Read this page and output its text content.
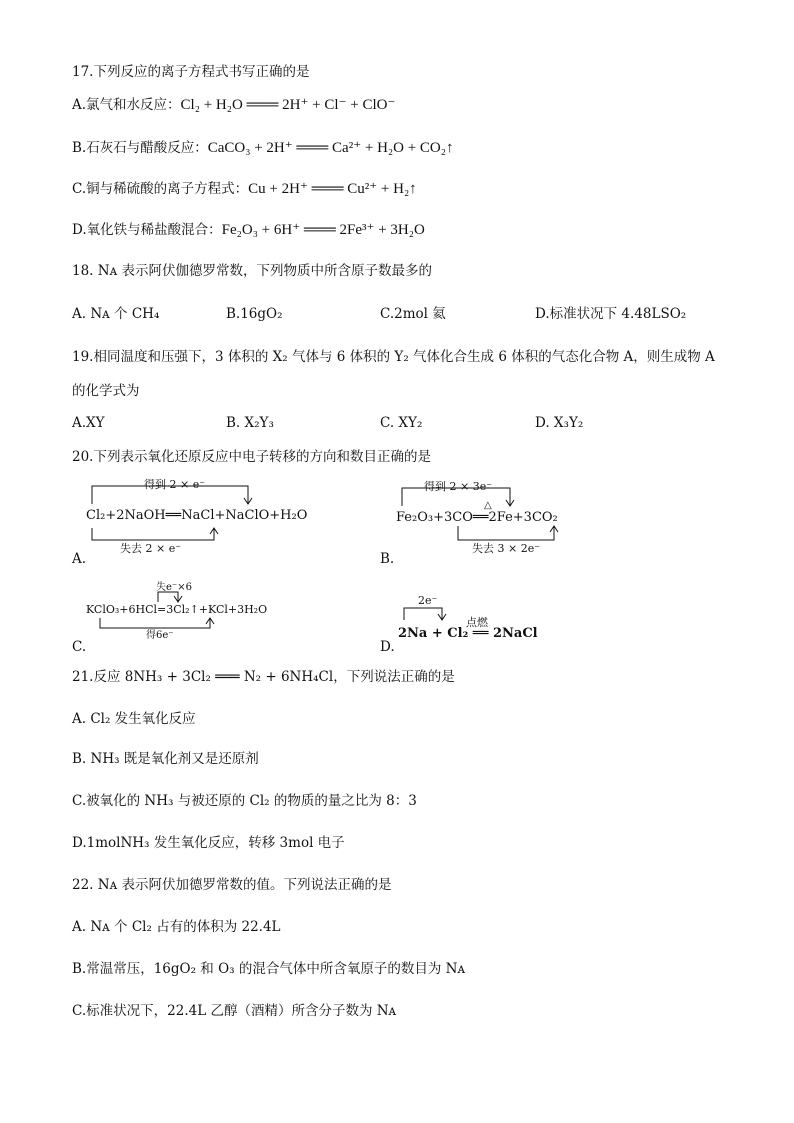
17.下列反应的离子方程式书写正确的是
A.氯气和水反应：Cl₂ + H₂O ═══ 2H⁺ + Cl⁻ + ClO⁻
B.石灰石与醋酸反应：CaCO₃ + 2H⁺ ═══ Ca²⁺ + H₂O + CO₂↑
C.铜与稀硫酸的离子方程式：Cu + 2H⁺ ═══ Cu²⁺ + H₂↑
D.氧化铁与稀盐酸混合：Fe₂O₃ + 6H⁺ ═══ 2Fe³⁺ + 3H₂O
18. Nᴀ 表示阿伏伽德罗常数，下列物质中所含原子数最多的
A. Nᴀ 个 CH₄	B.16gO₂	C.2mol 氦	D.标准状况下 4.48LSO₂
19.相同温度和压强下，3 体积的 X₂ 气体与 6 体积的 Y₂ 气体化合生成 6 体积的气态化合物 A，则生成物 A
的化学式为
A.XY	B. X₂Y₃	C. XY₂	D. X₃Y₂
20.下列表示氧化还原反应中电子转移的方向和数目正确的是
得到 2 × e⁻
Cl₂+2NaOH══NaCl+NaClO+H₂O
失去 2 × e⁻
A.
得到 2 × 3e⁻
△
Fe₂O₃+3CO══2Fe+3CO₂
失去 3 × 2e⁻
B.
失e⁻×6
KClO₃+6HCl=3Cl₂↑+KCl+3H₂O
得6e⁻
C.
2e⁻
点燃
2Na + Cl₂ ══ 2NaCl
D.
21.反应 8NH₃ + 3Cl₂ ═══ N₂ + 6NH₄Cl，下列说法正确的是
A. Cl₂ 发生氧化反应
B. NH₃ 既是氧化剂又是还原剂
C.被氧化的 NH₃ 与被还原的 Cl₂ 的物质的量之比为 8：3
D.1molNH₃ 发生氧化反应，转移 3mol 电子
22. Nᴀ 表示阿伏加德罗常数的值。下列说法正确的是
A. Nᴀ 个 Cl₂ 占有的体积为 22.4L
B.常温常压，16gO₂ 和 O₃ 的混合气体中所含氧原子的数目为 Nᴀ
C.标准状况下，22.4L 乙醇（酒精）所含分子数为 Nᴀ
